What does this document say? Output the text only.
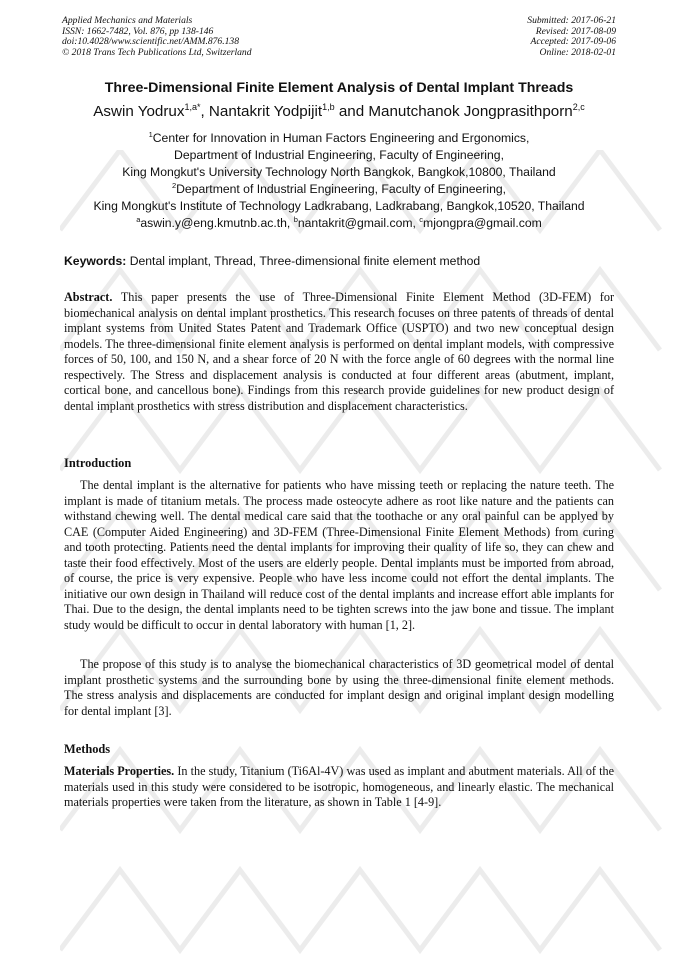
Applied Mechanics and Materials
ISSN: 1662-7482, Vol. 876, pp 138-146
doi:10.4028/www.scientific.net/AMM.876.138
© 2018 Trans Tech Publications Ltd, Switzerland
Submitted: 2017-06-21
Revised: 2017-08-09
Accepted: 2017-09-06
Online: 2018-02-01
Three-Dimensional Finite Element Analysis of Dental Implant Threads
Aswin Yodrux$^{1,a*}$, Nantakrit Yodpijit$^{1,b}$ and Manutchanok Jongprasithporn$^{2,c}$
$^1$Center for Innovation in Human Factors Engineering and Ergonomics,
Department of Industrial Engineering, Faculty of Engineering,
King Mongkut's University Technology North Bangkok, Bangkok,10800, Thailand
$^2$Department of Industrial Engineering, Faculty of Engineering,
King Mongkut's Institute of Technology Ladkrabang, Ladkrabang, Bangkok,10520, Thailand
$^a$aswin.y@eng.kmutnb.ac.th, $^b$nantakrit@gmail.com, $^c$mjongpra@gmail.com
Keywords: Dental implant, Thread, Three-dimensional finite element method
Abstract. This paper presents the use of Three-Dimensional Finite Element Method (3D-FEM) for biomechanical analysis on dental implant prosthetics. This research focuses on three patents of threads of dental implant systems from United States Patent and Trademark Office (USPTO) and two new conceptual design models. The three-dimensional finite element analysis is performed on dental implant models, with compressive forces of 50, 100, and 150 N, and a shear force of 20 N with the force angle of 60 degrees with the normal line respectively. The Stress and displacement analysis is conducted at four different areas (abutment, implant, cortical bone, and cancellous bone). Findings from this research provide guidelines for new product design of dental implant prosthetics with stress distribution and displacement characteristics.
Introduction
The dental implant is the alternative for patients who have missing teeth or replacing the nature teeth. The implant is made of titanium metals. The process made osteocyte adhere as root like nature and the patients can withstand chewing well. The dental medical care said that the toothache or any oral painful can be applyed by CAE (Computer Aided Engineering) and 3D-FEM (Three-Dimensional Finite Element Methods) from curing and tooth protecting. Patients need the dental implants for improving their quality of life so, they can chew and taste their food effectively. Most of the users are elderly people. Dental implants must be imported from abroad, of course, the price is very expensive. People who have less income could not effort the dental implants. The initiative our own design in Thailand will reduce cost of the dental implants and increase effort able implants for Thai. Due to the design, the dental implants need to be tighten screws into the jaw bone and tissue. The implant study would be difficult to occur in dental laboratory with human [1, 2].
The propose of this study is to analyse the biomechanical characteristics of 3D geometrical model of dental implant prosthetic systems and the surrounding bone by using the three-dimensional finite element methods. The stress analysis and displacements are conducted for implant design and original implant design modelling for dental implant [3].
Methods
Materials Properties. In the study, Titanium (Ti6Al-4V) was used as implant and abutment materials. All of the materials used in this study were considered to be isotropic, homogeneous, and linearly elastic. The mechanical materials properties were taken from the literature, as shown in Table 1 [4-9].
